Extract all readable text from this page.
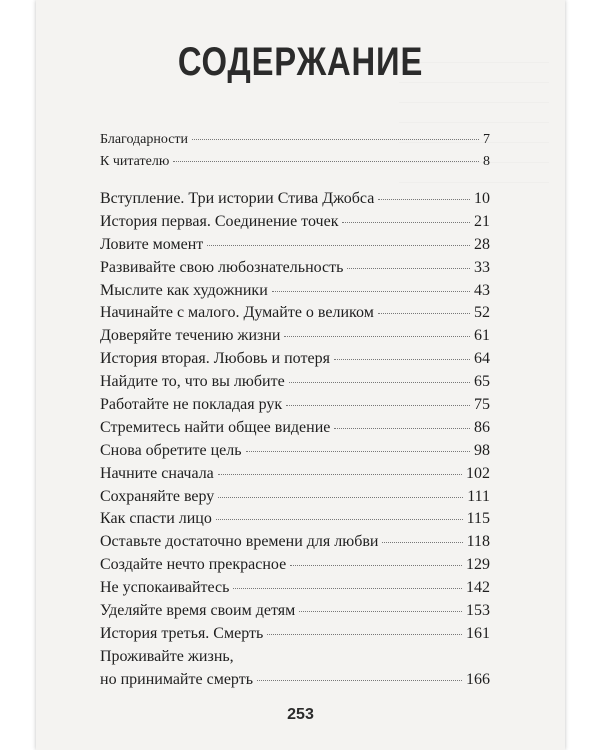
СОДЕРЖАНИЕ
Благодарности	7
К читателю	8
Вступление. Три истории Стива Джобса	10
История первая. Соединение точек	21
Ловите момент	28
Развивайте свою любознательность	33
Мыслите как художники	43
Начинайте с малого. Думайте о великом	52
Доверяйте течению жизни	61
История вторая. Любовь и потеря	64
Найдите то, что вы любите	65
Работайте не покладая рук	75
Стремитесь найти общее видение	86
Снова обретите цель	98
Начните сначала	102
Сохраняйте веру	111
Как спасти лицо	115
Оставьте достаточно времени для любви	118
Создайте нечто прекрасное	129
Не успокаивайтесь	142
Уделяйте время своим детям	153
История третья. Смерть	161
Проживайте жизнь,
но принимайте смерть	166
253
